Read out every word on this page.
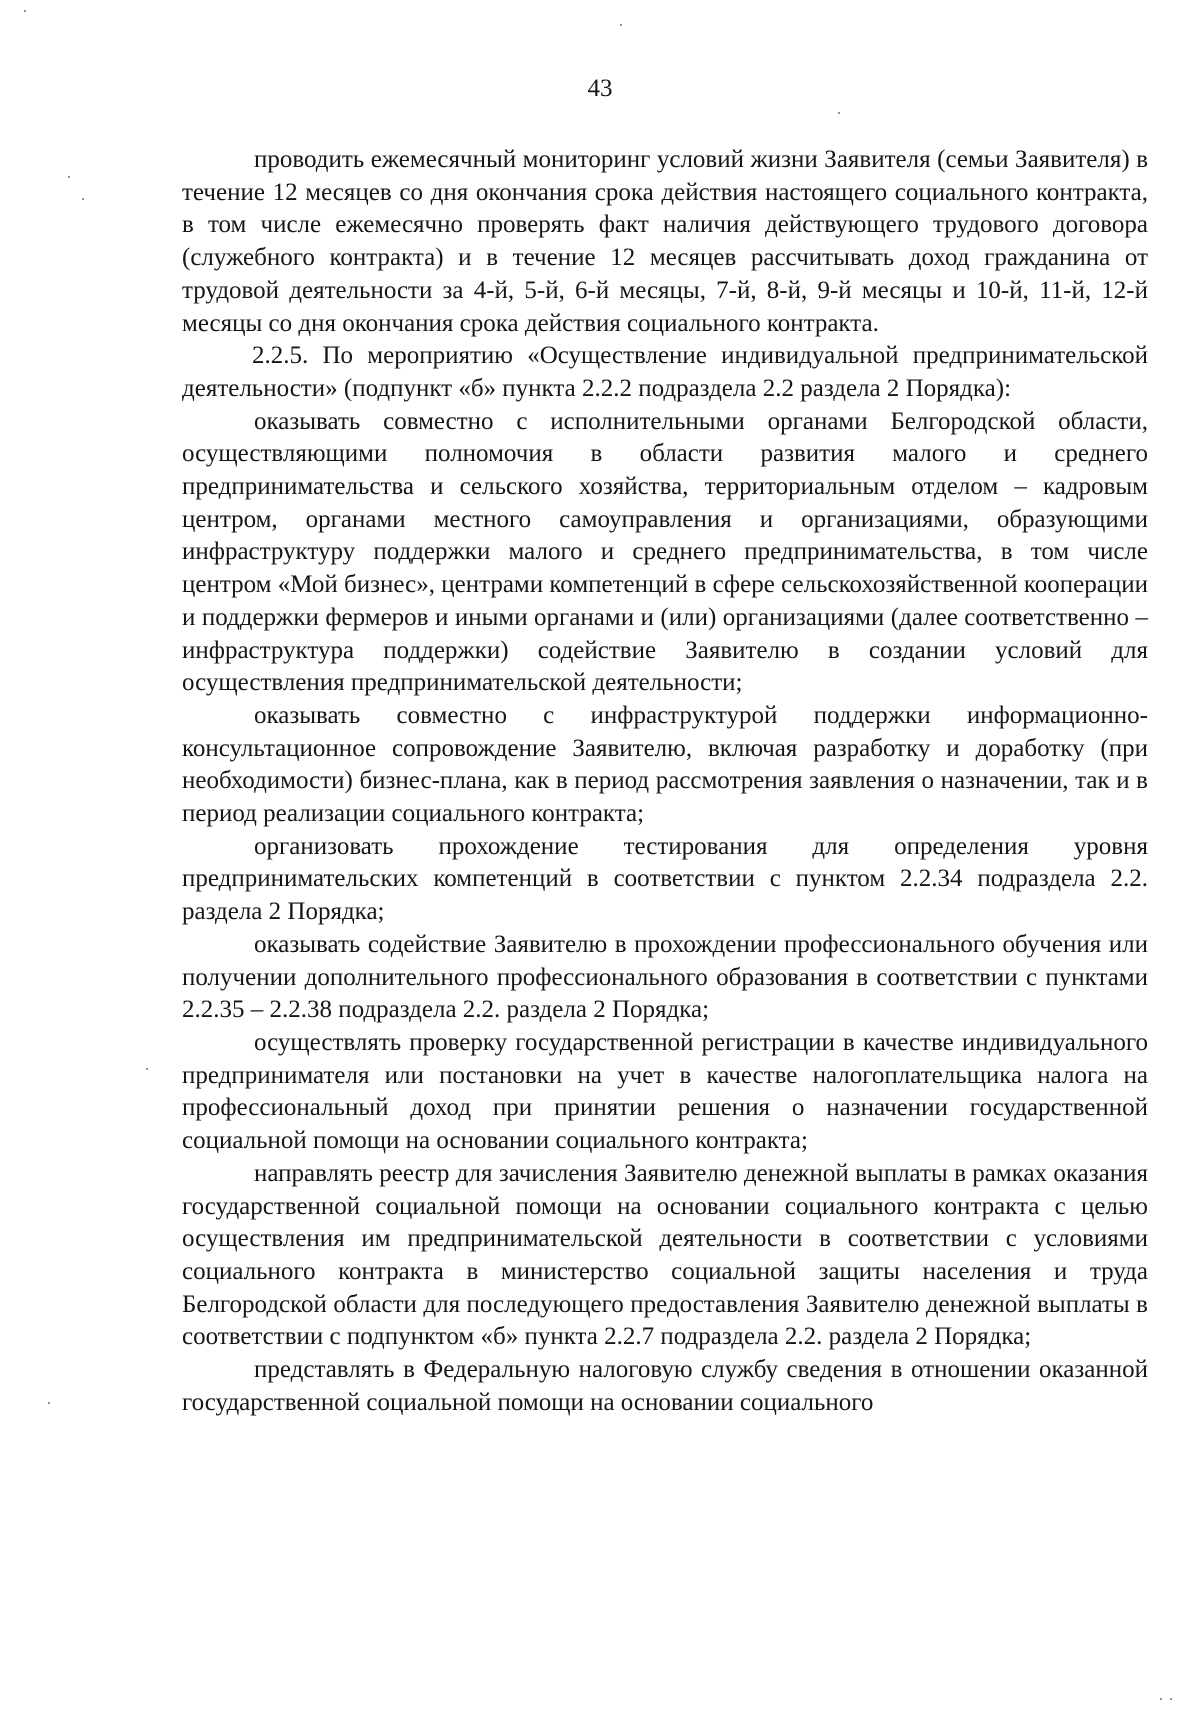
43

проводить ежемесячный мониторинг условий жизни Заявителя (семьи Заявителя) в течение 12 месяцев со дня окончания срока действия настоящего социального контракта, в том числе ежемесячно проверять факт наличия действующего трудового договора (служебного контракта) и в течение 12 месяцев рассчитывать доход гражданина от трудовой деятельности за 4-й, 5-й, 6-й месяцы, 7-й, 8-й, 9-й месяцы и 10-й, 11-й, 12-й месяцы со дня окончания срока действия социального контракта.

2.2.5. По мероприятию «Осуществление индивидуальной предпринимательской деятельности» (подпункт «б» пункта 2.2.2 подраздела 2.2 раздела 2 Порядка):

оказывать совместно с исполнительными органами Белгородской области, осуществляющими полномочия в области развития малого и среднего предпринимательства и сельского хозяйства, территориальным отделом – кадровым центром, органами местного самоуправления и организациями, образующими инфраструктуру поддержки малого и среднего предпринимательства, в том числе центром «Мой бизнес», центрами компетенций в сфере сельскохозяйственной кооперации и поддержки фермеров и иными органами и (или) организациями (далее соответственно – инфраструктура поддержки) содействие Заявителю в создании условий для осуществления предпринимательской деятельности;

оказывать совместно с инфраструктурой поддержки информационно-консультационное сопровождение Заявителю, включая разработку и доработку (при необходимости) бизнес-плана, как в период рассмотрения заявления о назначении, так и в период реализации социального контракта;

организовать прохождение тестирования для определения уровня предпринимательских компетенций в соответствии с пунктом 2.2.34 подраздела 2.2. раздела 2 Порядка;

оказывать содействие Заявителю в прохождении профессионального обучения или получении дополнительного профессионального образования в соответствии с пунктами 2.2.35 – 2.2.38 подраздела 2.2. раздела 2 Порядка;

осуществлять проверку государственной регистрации в качестве индивидуального предпринимателя или постановки на учет в качестве налогоплательщика налога на профессиональный доход при принятии решения о назначении государственной социальной помощи на основании социального контракта;

направлять реестр для зачисления Заявителю денежной выплаты в рамках оказания государственной социальной помощи на основании социального контракта с целью осуществления им предпринимательской деятельности в соответствии с условиями социального контракта в министерство социальной защиты населения и труда Белгородской области для последующего предоставления Заявителю денежной выплаты в соответствии с подпунктом «б» пункта 2.2.7 подраздела 2.2. раздела 2 Порядка;

представлять в Федеральную налоговую службу сведения в отношении оказанной государственной социальной помощи на основании социального
